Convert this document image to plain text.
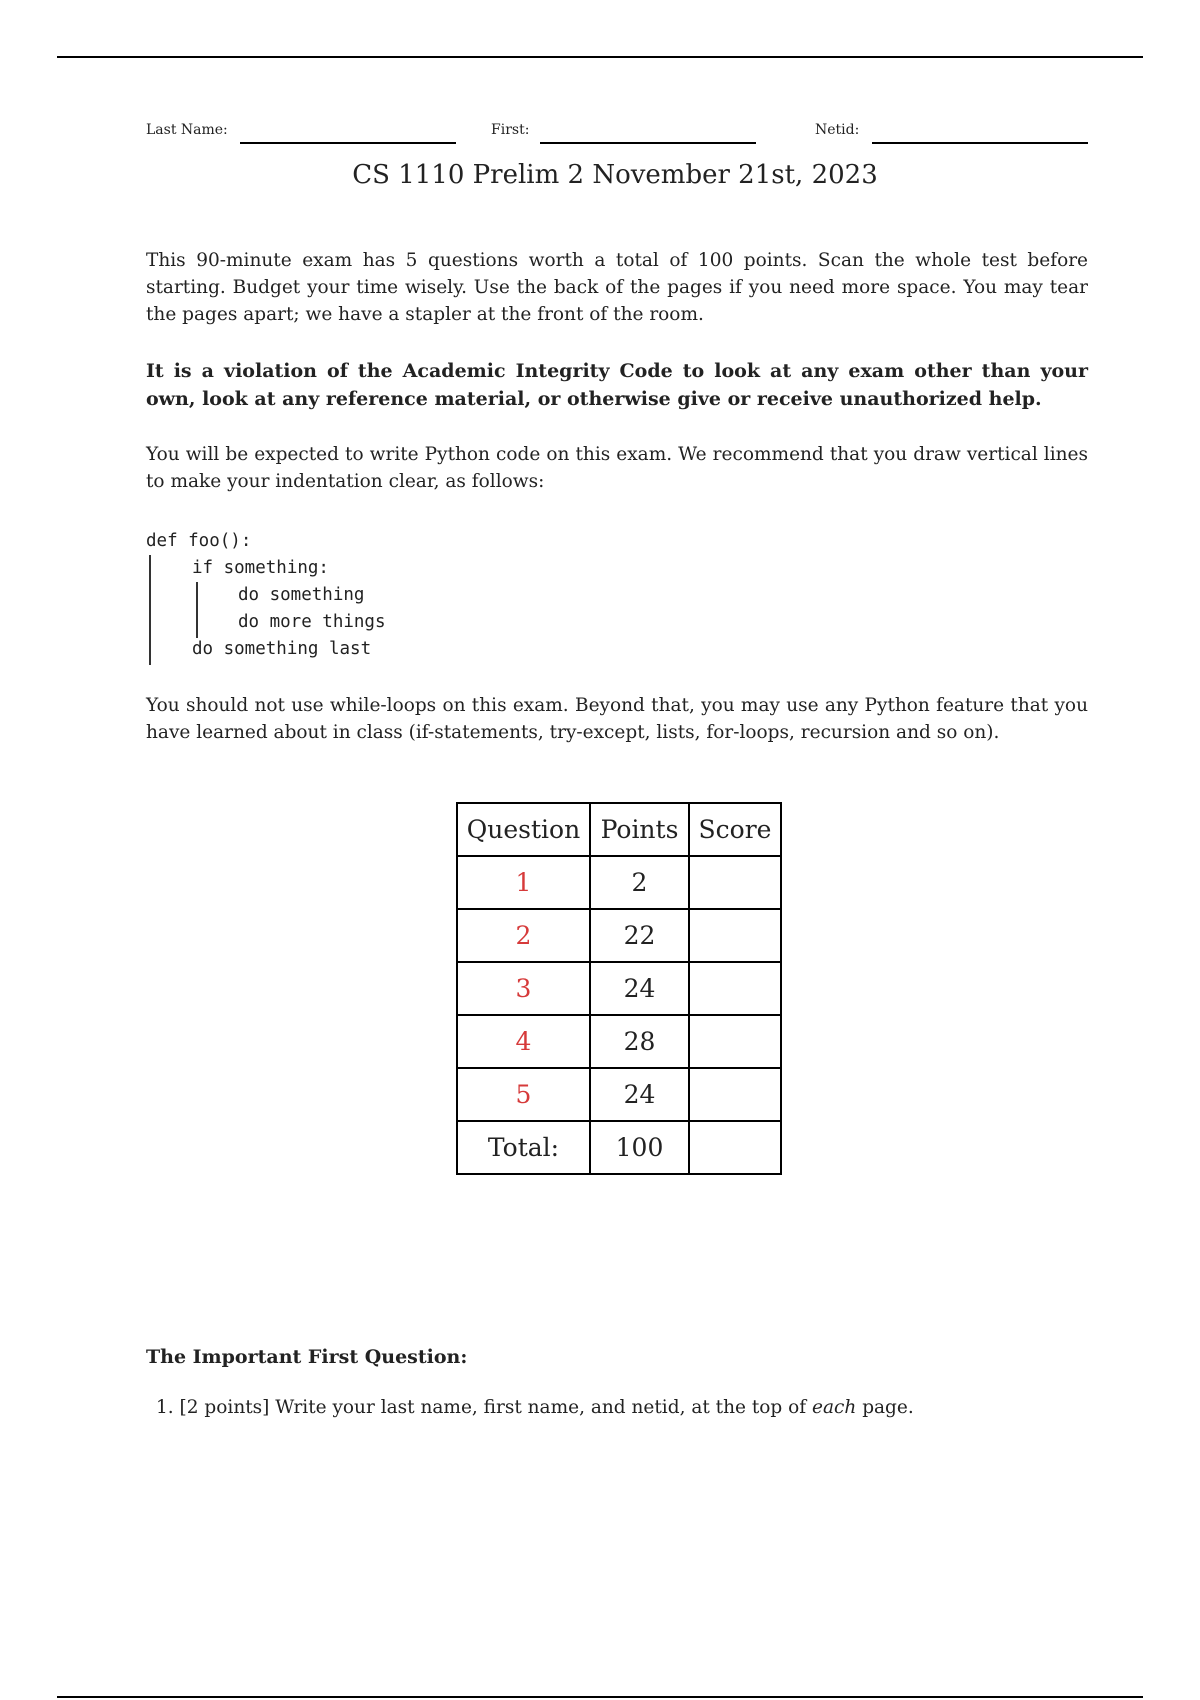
Last Name:	First:	Netid:
CS 1110 Prelim 2 November 21st, 2023

This 90-minute exam has 5 questions worth a total of 100 points. Scan the whole test before starting. Budget your time wisely. Use the back of the pages if you need more space. You may tear the pages apart; we have a stapler at the front of the room.

It is a violation of the Academic Integrity Code to look at any exam other than your own, look at any reference material, or otherwise give or receive unauthorized help.

You will be expected to write Python code on this exam. We recommend that you draw vertical lines to make your indentation clear, as follows:

def foo():
if something:
do something
do more things
do something last

You should not use while-loops on this exam. Beyond that, you may use any Python feature that you have learned about in class (if-statements, try-except, lists, for-loops, recursion and so on).

Question	Points	Score
1	2	
2	22	
3	24	
4	28	
5	24	
Total:	100	
The Important First Question:
1. [2 points] Write your last name, first name, and netid, at the top of each page.
